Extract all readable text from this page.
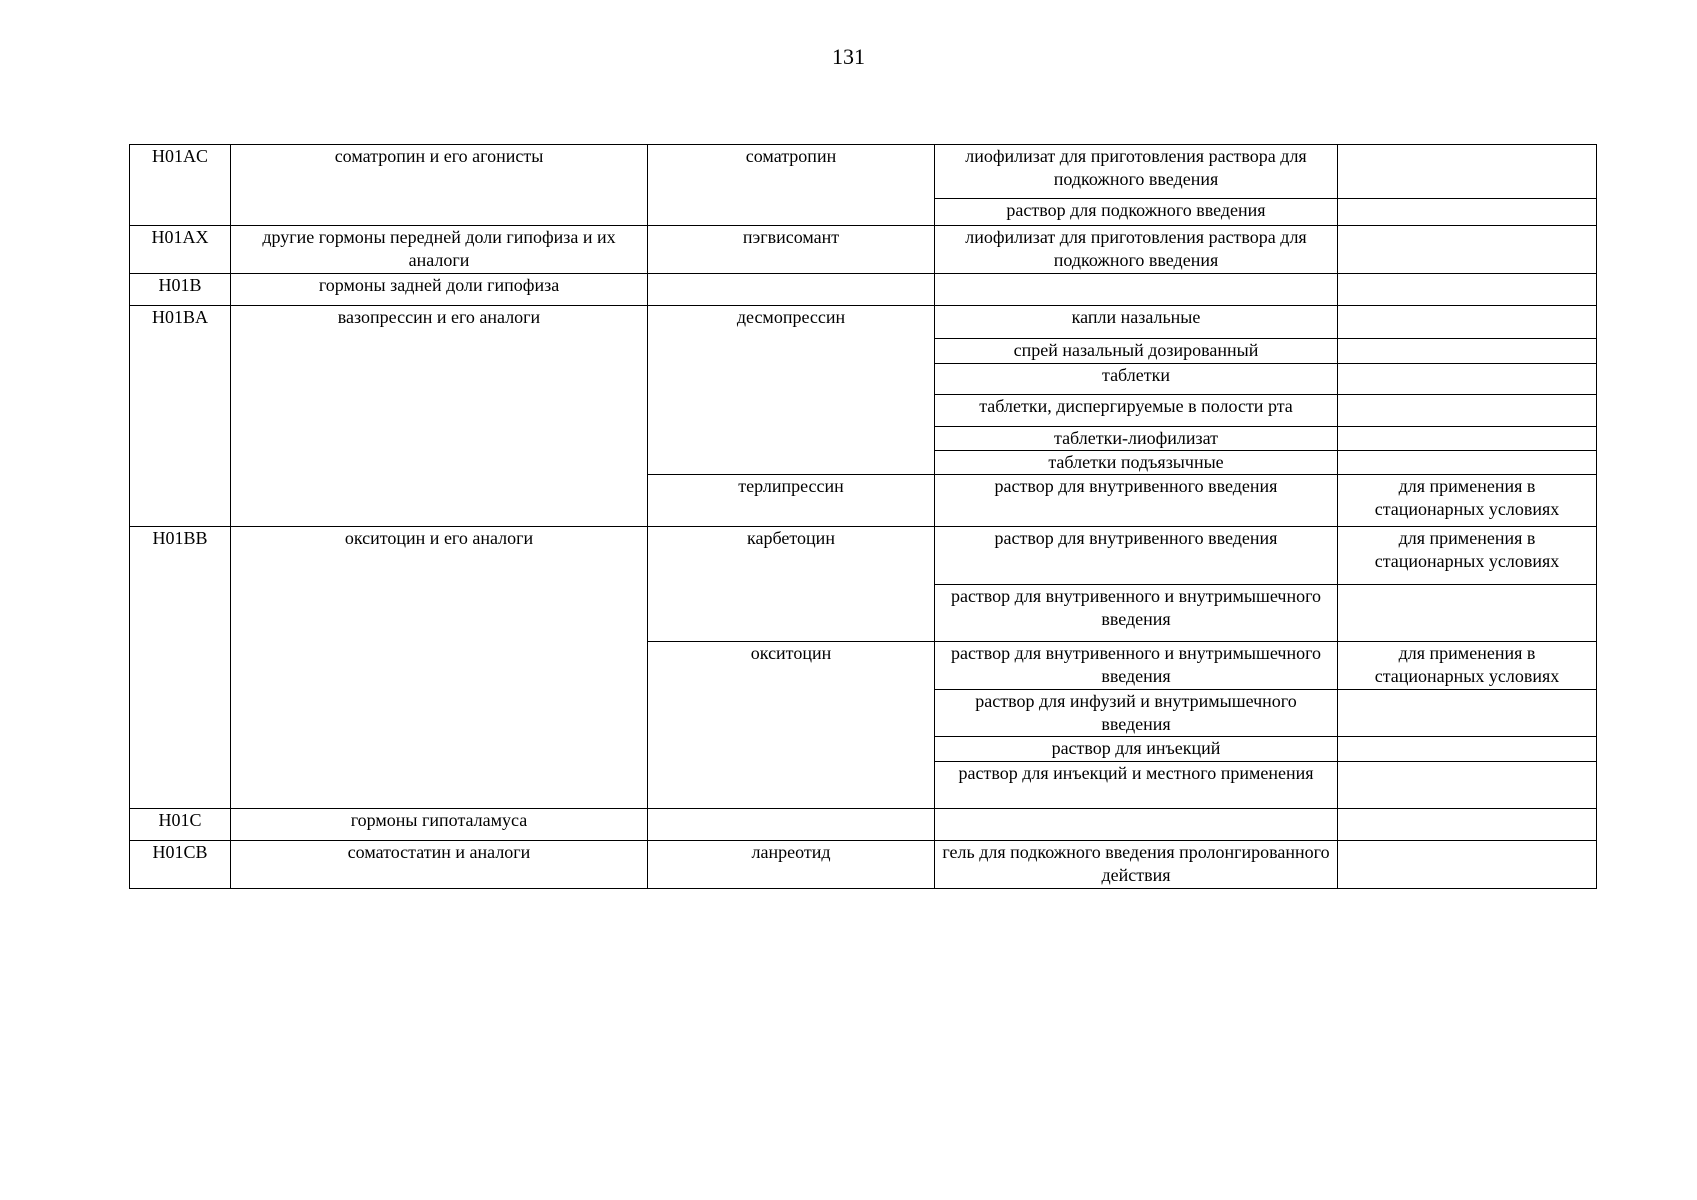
131
H01AC	соматропин и его агонисты	соматропин	лиофилизат для приготовления раствора для подкожного введения	
			раствор для подкожного введения	
H01AX	другие гормоны передней доли гипофиза и их аналоги	пэгвисомант	лиофилизат для приготовления раствора для подкожного введения	
H01B	гормоны задней доли гипофиза			
H01BA	вазопрессин и его аналоги	десмопрессин	капли назальные	
			спрей назальный дозированный	
			таблетки	
			таблетки, диспергируемые в полости рта	
			таблетки-лиофилизат	
			таблетки подъязычные	
		терлипрессин	раствор для внутривенного введения	для применения в стационарных условиях
H01BB	окситоцин и его аналоги	карбетоцин	раствор для внутривенного введения	для применения в стационарных условиях
			раствор для внутривенного и внутримышечного введения	
		окситоцин	раствор для внутривенного и внутримышечного введения	для применения в стационарных условиях
			раствор для инфузий и внутримышечного введения	
			раствор для инъекций	
			раствор для инъекций и местного применения	
H01C	гормоны гипоталамуса			
H01CB	соматостатин и аналоги	ланреотид	гель для подкожного введения пролонгированного действия	
